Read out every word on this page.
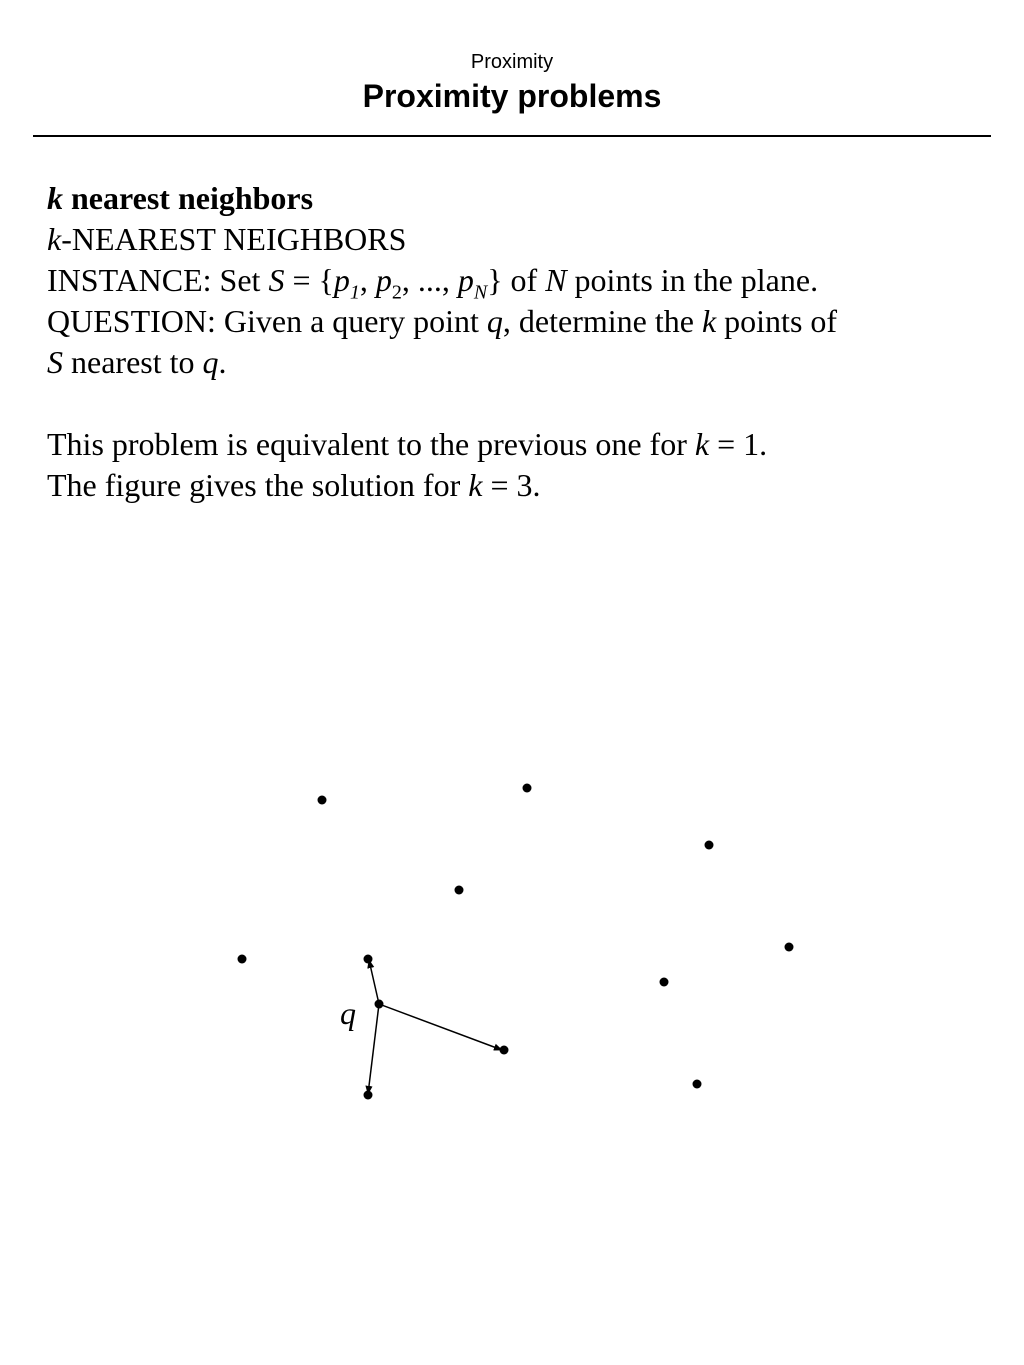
Proximity
Proximity problems

k nearest neighbors

k-NEAREST NEIGHBORS

INSTANCE: Set $S = \{p_1$, $p_2$, ..., $p_N$} of N points in the plane.

QUESTION: Given a query point q, determine the k points of

S nearest to q.

This problem is equivalent to the previous one for k = 1.

The figure gives the solution for k = 3.

q
